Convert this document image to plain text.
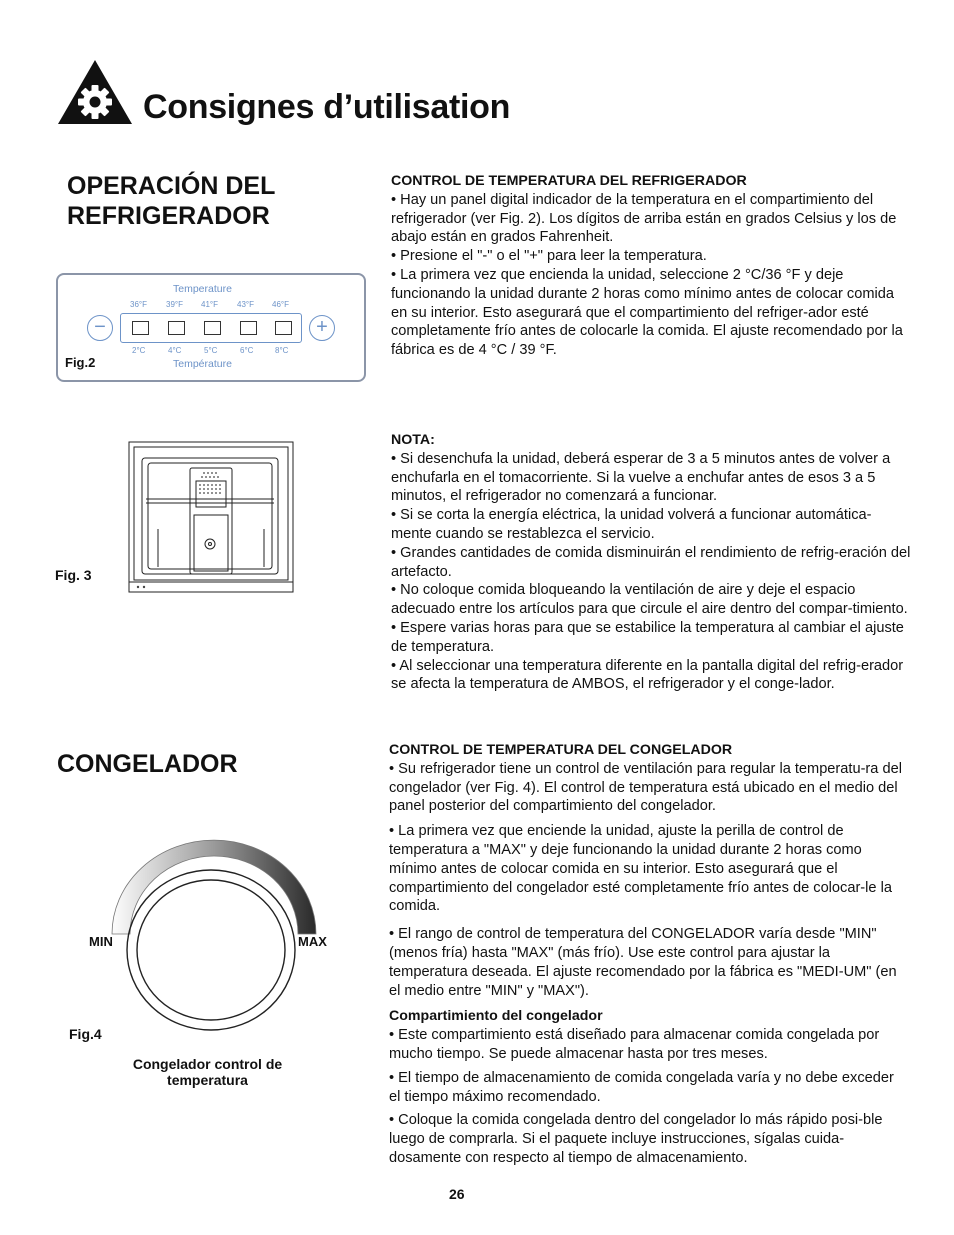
Consignes d’utilisation
OPERACIÓN DEL
REFRIGERADOR
Temperature
36°F 39°F 41°F 43°F 46°F
−	+
2°C	4°C	5°C	6°C	8°C
Température
Fig.2
Fig. 3

CONTROL DE TEMPERATURA DEL REFRIGERADOR

• Hay un panel digital indicador de la temperatura en el compartimiento del refrigerador (ver Fig. 2). Los dígitos de arriba están en grados Celsius y los de abajo están en grados Fahrenheit.

• Presione el "-" o el "+" para leer la temperatura.

• La primera vez que encienda la unidad, seleccione 2 °C/36 °F y deje funcionando la unidad durante 2 horas como mínimo antes de colocar comida en su interior. Esto asegurará que el compartimiento del refriger-ador esté completamente frío antes de colocarle la comida. El ajuste recomendado por la fábrica es de 4 °C / 39 °F.

NOTA:

• Si desenchufa la unidad, deberá esperar de 3 a 5 minutos antes de volver a enchufarla en el tomacorriente. Si la vuelve a enchufar antes de esos 3 a 5 minutos, el refrigerador no comenzará a funcionar.

• Si se corta la energía eléctrica, la unidad volverá a funcionar automática-mente cuando se restablezca el servicio.

• Grandes cantidades de comida disminuirán el rendimiento de refrig-eración del artefacto.

• No coloque comida bloqueando la ventilación de aire y deje el espacio adecuado entre los artículos para que circule el aire dentro del compar-timiento.

• Espere varias horas para que se estabilice la temperatura al cambiar el ajuste de temperatura.

• Al seleccionar una temperatura diferente en la pantalla digital del refrig-erador se afecta la temperatura de AMBOS, el refrigerador y el conge-lador.

CONGELADOR
MIN	MAX
Fig.4
Congelador control de
temperatura

CONTROL DE TEMPERATURA DEL CONGELADOR

• Su refrigerador tiene un control de ventilación para regular la temperatu-ra del congelador (ver Fig. 4). El control de temperatura está ubicado en el medio del panel posterior del compartimiento del congelador.

• La primera vez que enciende la unidad, ajuste la perilla de control de temperatura a "MAX" y deje funcionando la unidad durante 2 horas como mínimo antes de colocar comida en su interior. Esto asegurará que el compartimiento del congelador esté completamente frío antes de colocar-le la comida.

• El rango de control de temperatura del CONGELADOR varía desde "MIN" (menos fría) hasta "MAX" (más frío). Use este control para ajustar la temperatura deseada. El ajuste recomendado por la fábrica es "MEDI-UM" (en el medio entre "MIN" y "MAX").

Compartimiento del congelador

• Este compartimiento está diseñado para almacenar comida congelada por mucho tiempo. Se puede almacenar hasta por tres meses.

• El tiempo de almacenamiento de comida congelada varía y no debe exceder el tiempo máximo recomendado.

• Coloque la comida congelada dentro del congelador lo más rápido posi-ble luego de comprarla. Si el paquete incluye instrucciones, sígalas cuida-dosamente con respecto al tiempo de almacenamiento.

26
